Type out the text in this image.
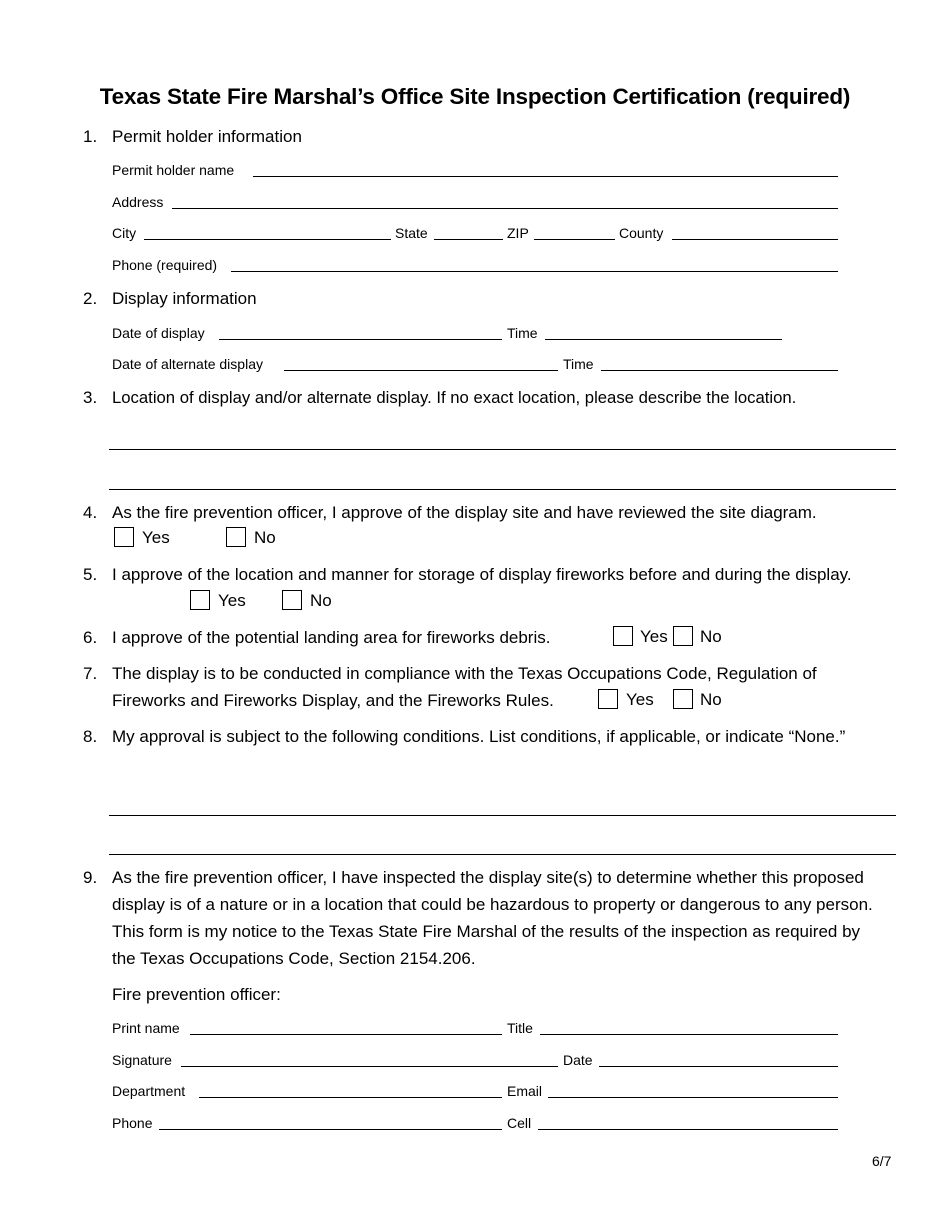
Texas State Fire Marshal’s Office Site Inspection Certification (required)
1. Permit holder information
Permit holder name
Address
City	State	ZIP	County
Phone (required)
2. Display information
Date of display	Time
Date of alternate display	Time
3. Location of display and/or alternate display. If no exact location, please describe the location.
4. As the fire prevention officer, I approve of the display site and have reviewed the site diagram.
Yes	No
5. I approve of the location and manner for storage of display fireworks before and during the display.
Yes	No
6. I approve of the potential landing area for fireworks debris.	Yes No
7. The display is to be conducted in compliance with the Texas Occupations Code, Regulation of Fireworks and Fireworks Display, and the Fireworks Rules.	Yes	No
8. My approval is subject to the following conditions. List conditions, if applicable, or indicate “None.”
9. As the fire prevention officer, I have inspected the display site(s) to determine whether this proposed display is of a nature or in a location that could be hazardous to property or dangerous to any person. This form is my notice to the Texas State Fire Marshal of the results of the inspection as required by the Texas Occupations Code, Section 2154.206.
Fire prevention officer:
Print name	Title
Signature	Date
Department	Email
Phone	Cell
6/7
